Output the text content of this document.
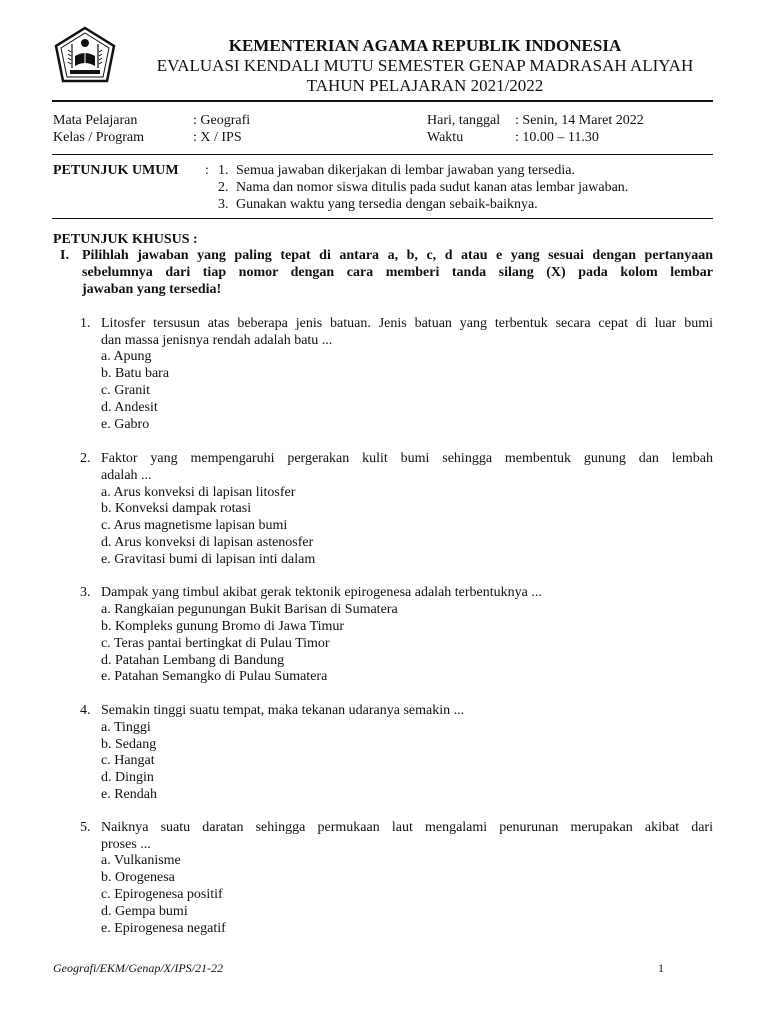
KEMENTERIAN AGAMA REPUBLIK INDONESIA
EVALUASI KENDALI MUTU SEMESTER GENAP MADRASAH ALIYAH
TAHUN PELAJARAN 2021/2022
Mata Pelajaran	: Geografi
Kelas / Program	: X / IPS
Hari, tanggal : Senin, 14 Maret 2022
Waktu	: 10.00 – 11.30
PETUNJUK UMUM : 1. Semua jawaban dikerjakan di lembar jawaban yang tersedia.
2. Nama dan nomor siswa ditulis pada sudut kanan atas lembar jawaban.
3. Gunakan waktu yang tersedia dengan sebaik-baiknya.
PETUNJUK KHUSUS :
I. Pilihlah jawaban yang paling tepat di antara a, b, c, d atau e yang sesuai dengan pertanyaan
sebelumnya dari tiap nomor dengan cara memberi tanda silang (X) pada kolom lembar
jawaban yang tersedia!
1. Litosfer tersusun atas beberapa jenis batuan. Jenis batuan yang terbentuk secara cepat di luar bumi
dan massa jenisnya rendah adalah batu ...
a. Apung
b. Batu bara
c. Granit
d. Andesit
e. Gabro
2. Faktor yang mempengaruhi pergerakan kulit bumi sehingga membentuk gunung dan lembah
adalah ...
a. Arus konveksi di lapisan litosfer
b. Konveksi dampak rotasi
c. Arus magnetisme lapisan bumi
d. Arus konveksi di lapisan astenosfer
e. Gravitasi bumi di lapisan inti dalam
3. Dampak yang timbul akibat gerak tektonik epirogenesa adalah terbentuknya ...
a. Rangkaian pegunungan Bukit Barisan di Sumatera
b. Kompleks gunung Bromo di Jawa Timur
c. Teras pantai bertingkat di Pulau Timor
d. Patahan Lembang di Bandung
e. Patahan Semangko di Pulau Sumatera
4. Semakin tinggi suatu tempat, maka tekanan udaranya semakin ...
a. Tinggi
b. Sedang
c. Hangat
d. Dingin
e. Rendah
5. Naiknya suatu daratan sehingga permukaan laut mengalami penurunan merupakan akibat dari
proses ...
a. Vulkanisme
b. Orogenesa
c. Epirogenesa positif
d. Gempa bumi
e. Epirogenesa negatif
Geografi/EKM/Genap/X/IPS/21-22	1
